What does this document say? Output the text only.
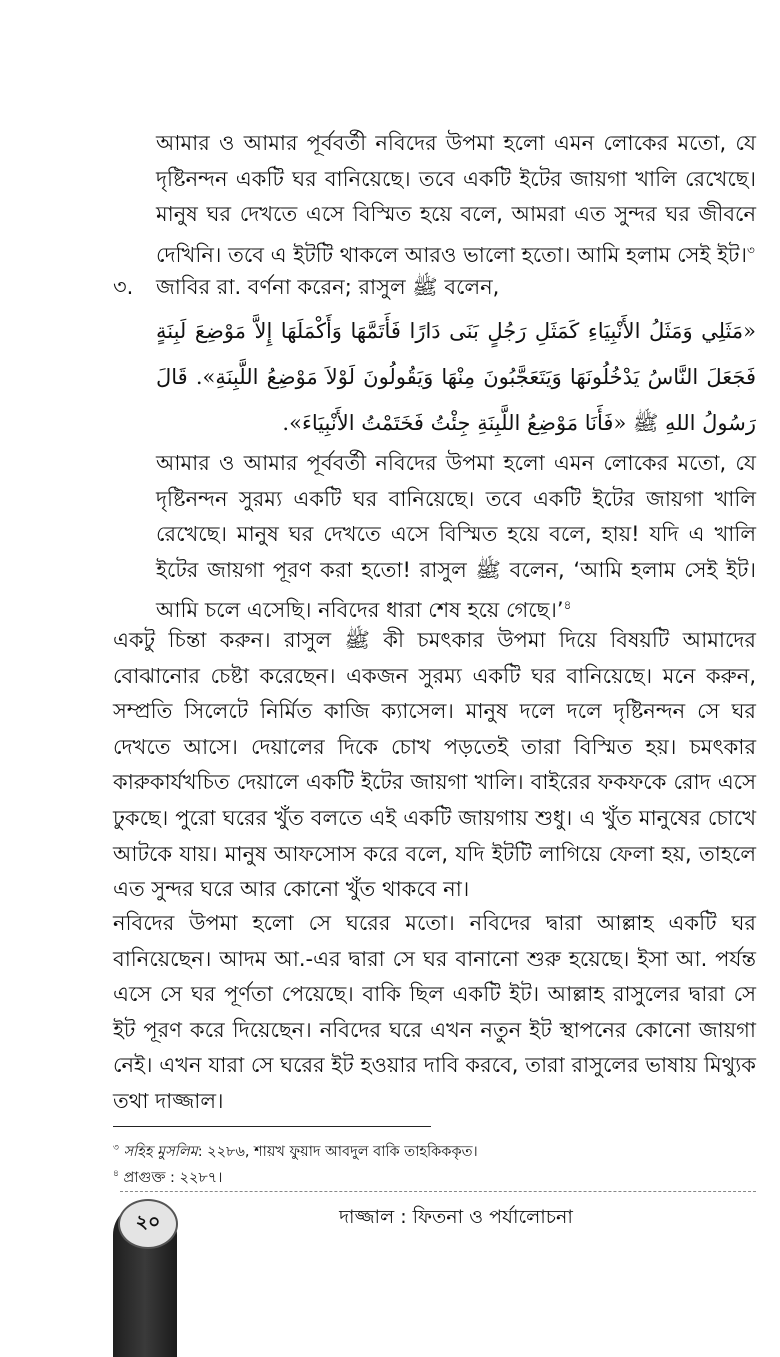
আমার ও আমার পূর্ববর্তী নবিদের উপমা হলো এমন লোকের মতো, যে দৃষ্টিনন্দন একটি ঘর বানিয়েছে। তবে একটি ইটের জায়গা খালি রেখেছে। মানুষ ঘর দেখতে এসে বিস্মিত হয়ে বলে, আমরা এত সুন্দর ঘর জীবনে দেখিনি। তবে এ ইটটি থাকলে আরও ভালো হতো। আমি হলাম সেই ইট।$^৩$

৩.	জাবির রা. বর্ণনা করেন; রাসুল ﷺ বলেন,

«مَثَلِي وَمَثَلُ الأَنْبِيَاءِ كَمَثَلِ رَجُلٍ بَنَى دَارًا فَأَتَمَّهَا وَأَكْمَلَهَا إِلاَّ مَوْضِعَ لَبِنَةٍ فَجَعَلَ النَّاسُ يَدْخُلُونَهَا وَيَتَعَجَّبُونَ مِنْهَا وَيَقُولُونَ لَوْلاَ مَوْضِعُ اللَّبِنَةِ». قَالَ رَسُولُ اللهِ ﷺ «فَأَنَا مَوْضِعُ اللَّبِنَةِ جِئْتُ فَخَتَمْتُ الأَنْبِيَاءَ».

আমার ও আমার পূর্ববর্তী নবিদের উপমা হলো এমন লোকের মতো, যে দৃষ্টিনন্দন সুরম্য একটি ঘর বানিয়েছে। তবে একটি ইটের জায়গা খালি রেখেছে। মানুষ ঘর দেখতে এসে বিস্মিত হয়ে বলে, হায়! যদি এ খালি ইটের জায়গা পূরণ করা হতো! রাসুল ﷺ বলেন, ‘আমি হলাম সেই ইট। আমি চলে এসেছি। নবিদের ধারা শেষ হয়ে গেছে।’$^৪$

একটু চিন্তা করুন। রাসুল ﷺ কী চমৎকার উপমা দিয়ে বিষয়টি আমাদের বোঝানোর চেষ্টা করেছেন। একজন সুরম্য একটি ঘর বানিয়েছে। মনে করুন, সম্প্রতি সিলেটে নির্মিত কাজি ক্যাসেল। মানুষ দলে দলে দৃষ্টিনন্দন সে ঘর দেখতে আসে। দেয়ালের দিকে চোখ পড়তেই তারা বিস্মিত হয়। চমৎকার কারুকার্যখচিত দেয়ালে একটি ইটের জায়গা খালি। বাইরের ফকফকে রোদ এসে ঢুকছে। পুরো ঘরের খুঁত বলতে এই একটি জায়গায় শুধু। এ খুঁত মানুষের চোখে আটকে যায়। মানুষ আফসোস করে বলে, যদি ইটটি লাগিয়ে ফেলা হয়, তাহলে এত সুন্দর ঘরে আর কোনো খুঁত থাকবে না।

নবিদের উপমা হলো সে ঘরের মতো। নবিদের দ্বারা আল্লাহ একটি ঘর বানিয়েছেন। আদম আ.-এর দ্বারা সে ঘর বানানো শুরু হয়েছে। ইসা আ. পর্যন্ত এসে সে ঘর পূর্ণতা পেয়েছে। বাকি ছিল একটি ইট। আল্লাহ রাসুলের দ্বারা সে ইট পূরণ করে দিয়েছেন। নবিদের ঘরে এখন নতুন ইট স্থাপনের কোনো জায়গা নেই। এখন যারা সে ঘরের ইট হওয়ার দাবি করবে, তারা রাসুলের ভাষায় মিথ্যুক তথা দাজ্জাল।

$^৩$ সহিহ মুসলিম: ২২৮৬, শায়খ ফুয়াদ আবদুল বাকি তাহকিককৃত।

$^৪$ প্রাগুক্ত : ২২৮৭।

২০	দাজ্জাল : ফিতনা ও পর্যালোচনা
